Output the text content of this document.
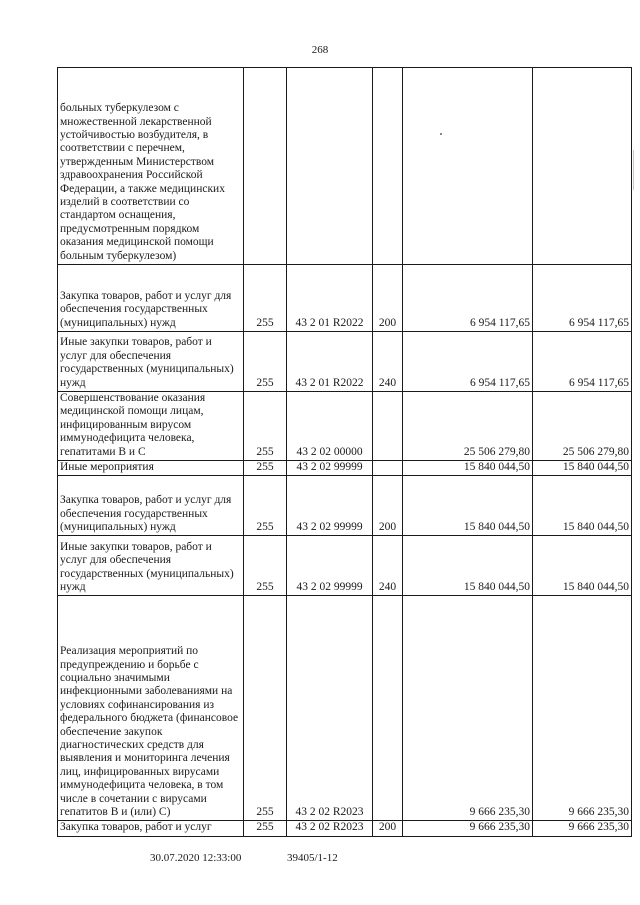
268
больных туберкулезом с множественной лекарственной устойчивостью возбудителя, в соответствии с перечнем, утвержденным Министерством здравоохранения Российской Федерации, а также медицинских изделий в соответствии со стандартом оснащения, предусмотренным порядком оказания медицинской помощи больным туберкулезом)					
Закупка товаров, работ и услуг для обеспечения государственных (муниципальных) нужд	255	43 2 01 R2022	200	6 954 117,65	6 954 117,65
Иные закупки товаров, работ и услуг для обеспечения государственных (муниципальных) нужд	255	43 2 01 R2022	240	6 954 117,65	6 954 117,65
Совершенствование оказания медицинской помощи лицам, инфицированным вирусом иммунодефицита человека, гепатитами В и С	255	43 2 02 00000		25 506 279,80	25 506 279,80
Иные мероприятия	255	43 2 02 99999		15 840 044,50	15 840 044,50
Закупка товаров, работ и услуг для обеспечения государственных (муниципальных) нужд	255	43 2 02 99999	200	15 840 044,50	15 840 044,50
Иные закупки товаров, работ и услуг для обеспечения государственных (муниципальных) нужд	255	43 2 02 99999	240	15 840 044,50	15 840 044,50
Реализация мероприятий по предупреждению и борьбе с социально значимыми инфекционными заболеваниями на условиях софинансирования из федерального бюджета (финансовое обеспечение закупок диагностических средств для выявления и мониторинга лечения лиц, инфицированных вирусами иммунодефицита человека, в том числе в сочетании с вирусами гепатитов В и (или) С)	255	43 2 02 R2023		9 666 235,30	9 666 235,30
Закупка товаров, работ и услуг	255	43 2 02 R2023	200	9 666 235,30	9 666 235,30
30.07.2020 12:33:00	39405/1-12
